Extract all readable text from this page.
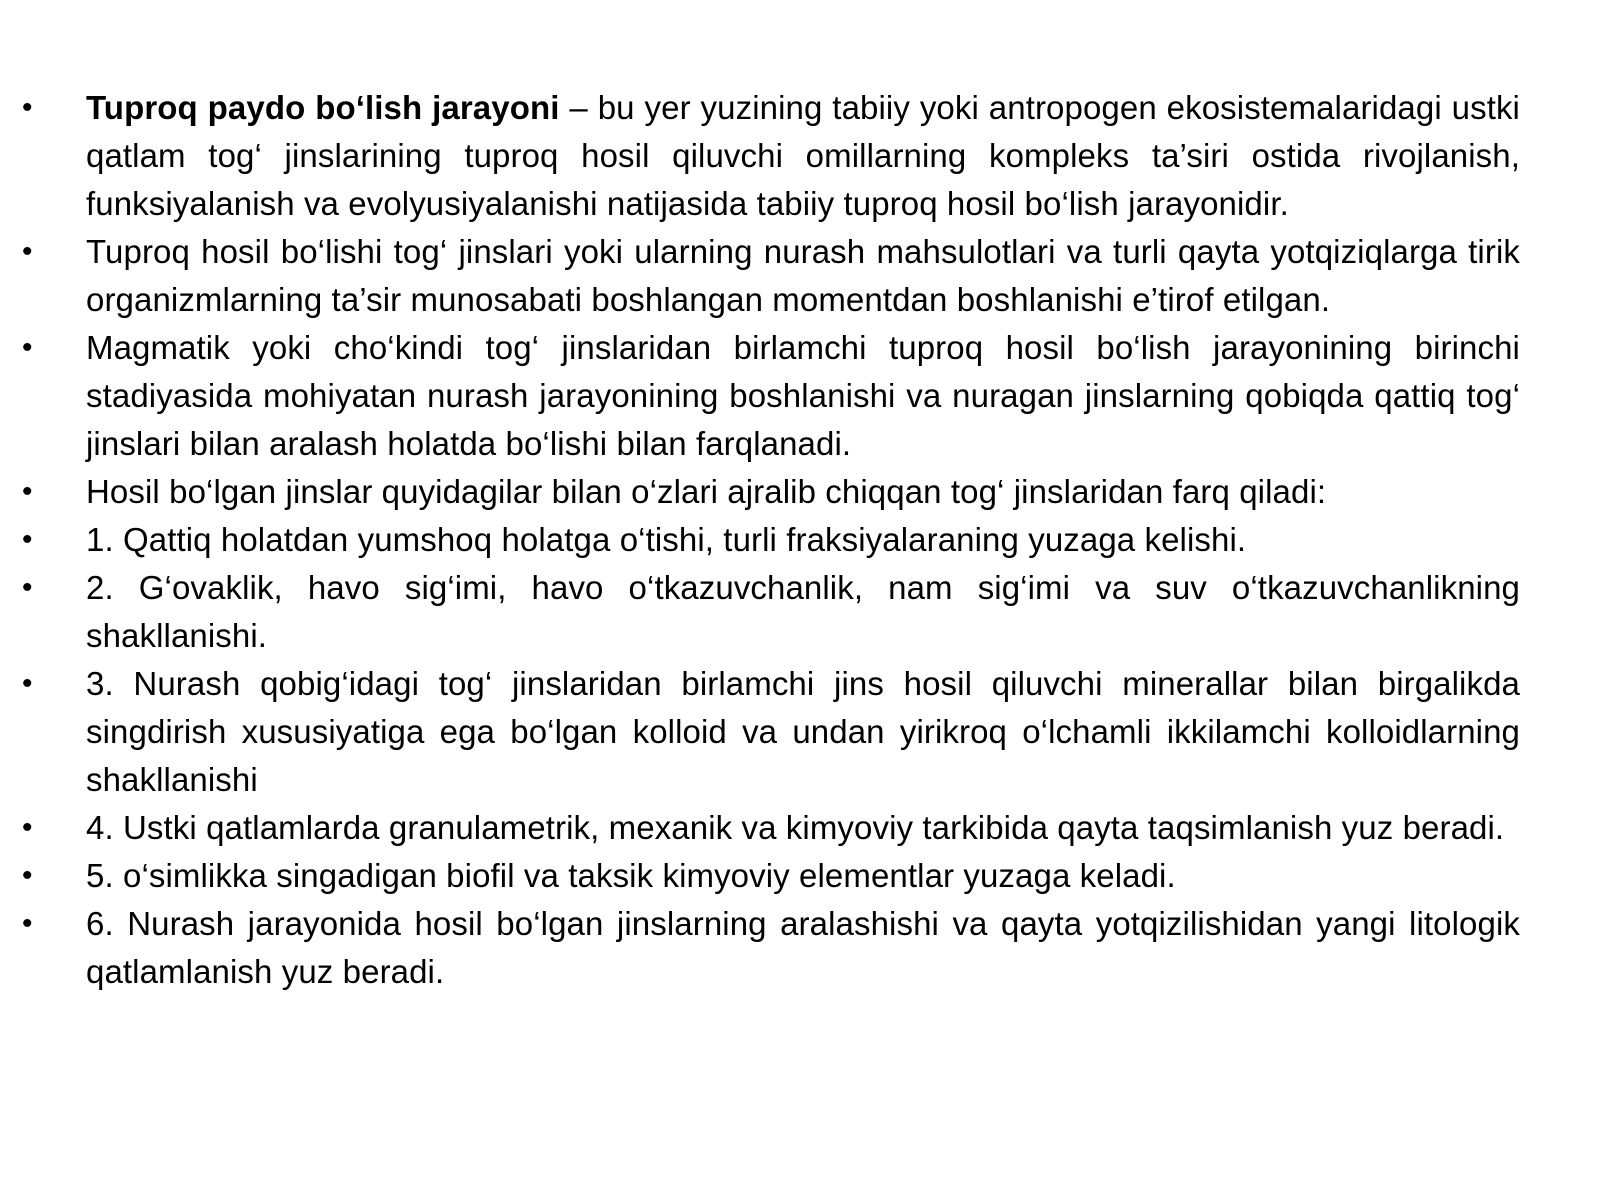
•	Tuproq paydo bo‘lish jarayoni – bu yer yuzining tabiiy yoki antropogen ekosistemalaridagi ustki qatlam tog‘ jinslarining tuproq hosil qiluvchi omillarning kompleks ta’siri ostida rivojlanish, funksiyalanish va evolyusiyalanishi natijasida tabiiy tuproq hosil bo‘lish jarayonidir.
•	Tuproq hosil bo‘lishi tog‘ jinslari yoki ularning nurash mahsulotlari va turli qayta yotqiziqlarga tirik organizmlarning ta’sir munosabati boshlangan momentdan boshlanishi e’tirof etilgan.
•	Magmatik yoki cho‘kindi tog‘ jinslaridan birlamchi tuproq hosil bo‘lish jarayonining birinchi stadiyasida mohiyatan nurash jarayonining boshlanishi va nuragan jinslarning qobiqda qattiq tog‘ jinslari bilan aralash holatda bo‘lishi bilan farqlanadi.
•	Hosil bo‘lgan jinslar quyidagilar bilan o‘zlari ajralib chiqqan tog‘ jinslaridan farq qiladi:
•	1. Qattiq holatdan yumshoq holatga o‘tishi, turli fraksiyalaraning yuzaga kelishi.
•	2. G‘ovaklik, havo sig‘imi, havo o‘tkazuvchanlik, nam sig‘imi va suv o‘tkazuvchanlikning shakllanishi.
•	3. Nurash qobig‘idagi tog‘ jinslaridan birlamchi jins hosil qiluvchi minerallar bilan birgalikda singdirish xususiyatiga ega bo‘lgan kolloid va undan yirikroq o‘lchamli ikkilamchi kolloidlarning shakllanishi
•	4. Ustki qatlamlarda granulametrik, mexanik va kimyoviy tarkibida qayta taqsimlanish yuz beradi.
•	5. o‘simlikka singadigan biofil va taksik kimyoviy elementlar yuzaga keladi.
•	6. Nurash jarayonida hosil bo‘lgan jinslarning aralashishi va qayta yotqizilishidan yangi litologik qatlamlanish yuz beradi.
